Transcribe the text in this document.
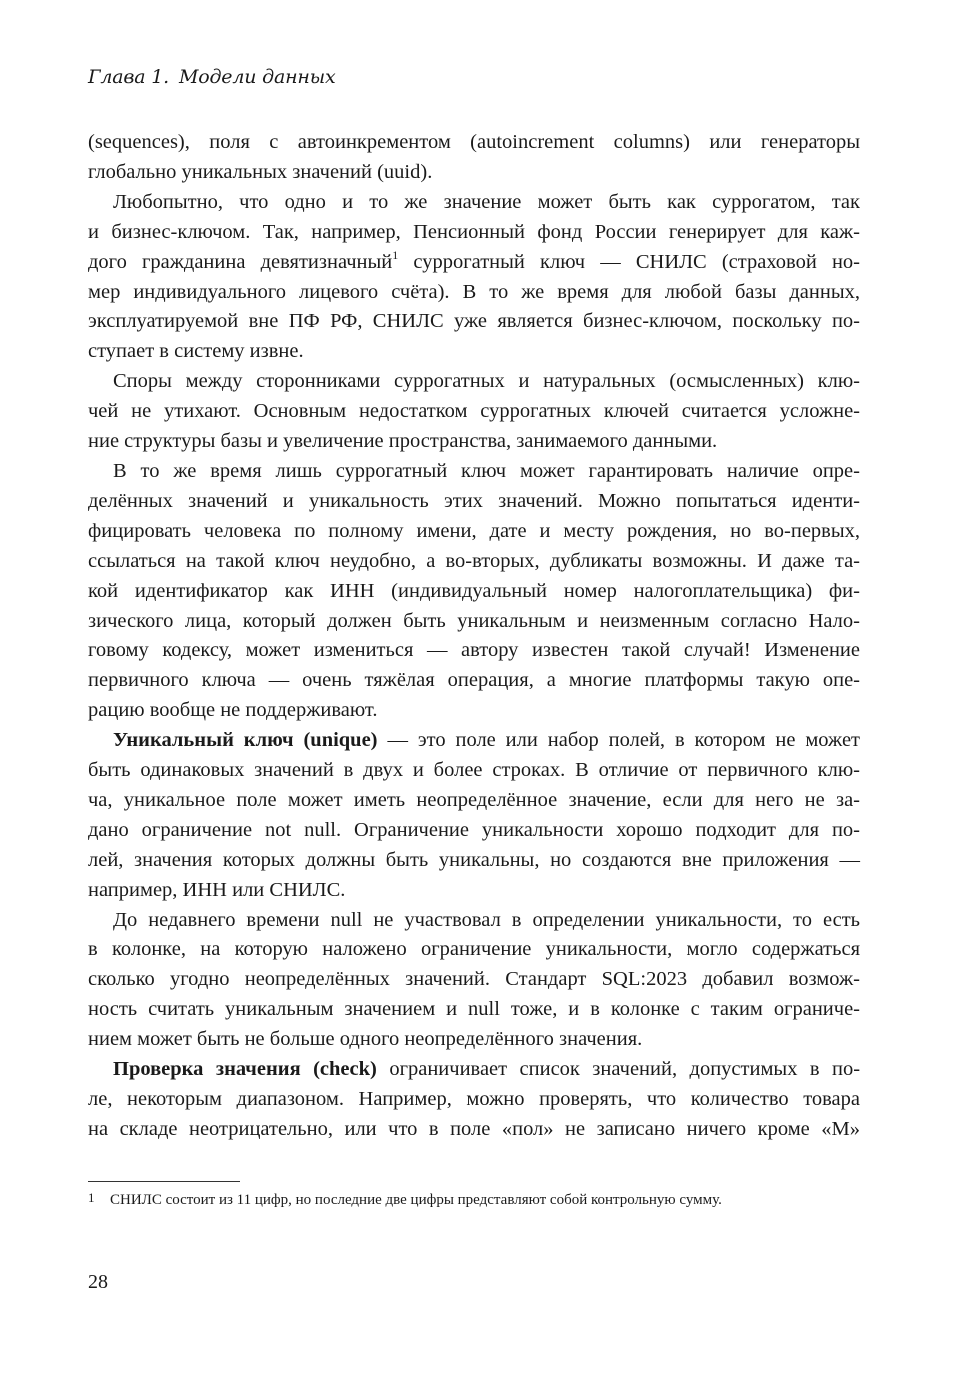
Глава 1. Модели данных

(sequences), поля с автоинкрементом (autoincrement columns) или генераторы
глобально уникальных значений (uuid).

Любопытно, что одно и то же значение может быть как суррогатом, так
и бизнес-ключом. Так, например, Пенсионный фонд России генерирует для каж-
дого гражданина девятизначный$^1$ суррогатный ключ — СНИЛС (страховой но-
мер индивидуального лицевого счёта). В то же время для любой базы данных,
эксплуатируемой вне ПФ РФ, СНИЛС уже является бизнес-ключом, поскольку по-
ступает в систему извне.

Споры между сторонниками суррогатных и натуральных (осмысленных) клю-
чей не утихают. Основным недостатком суррогатных ключей считается усложне-
ние структуры базы и увеличение пространства, занимаемого данными.

В то же время лишь суррогатный ключ может гарантировать наличие опре-
делённых значений и уникальность этих значений. Можно попытаться иденти-
фицировать человека по полному имени, дате и месту рождения, но во-первых,
ссылаться на такой ключ неудобно, а во-вторых, дубликаты возможны. И даже та-
кой идентификатор как ИНН (индивидуальный номер налогоплательщика) фи-
зического лица, который должен быть уникальным и неизменным согласно Нало-
говому кодексу, может измениться — автору известен такой случай! Изменение
первичного ключа — очень тяжёлая операция, а многие платформы такую опе-
рацию вообще не поддерживают.

Уникальный ключ (unique) — это поле или набор полей, в котором не может
быть одинаковых значений в двух и более строках. В отличие от первичного клю-
ча, уникальное поле может иметь неопределённое значение, если для него не за-
дано ограничение not null. Ограничение уникальности хорошо подходит для по-
лей, значения которых должны быть уникальны, но создаются вне приложения —
например, ИНН или СНИЛС.

До недавнего времени null не участвовал в определении уникальности, то есть
в колонке, на которую наложено ограничение уникальности, могло содержаться
сколько угодно неопределённых значений. Стандарт SQL:2023 добавил возмож-
ность считать уникальным значением и null тоже, и в колонке с таким ограниче-
нием может быть не больше одного неопределённого значения.

Проверка значения (check) ограничивает список значений, допустимых в по-
ле, некоторым диапазоном. Например, можно проверять, что количество товара
на складе неотрицательно, или что в поле «пол» не записано ничего кроме «М»

1 СНИЛС состоит из 11 цифр, но последние две цифры представляют собой контрольную сумму.
28
